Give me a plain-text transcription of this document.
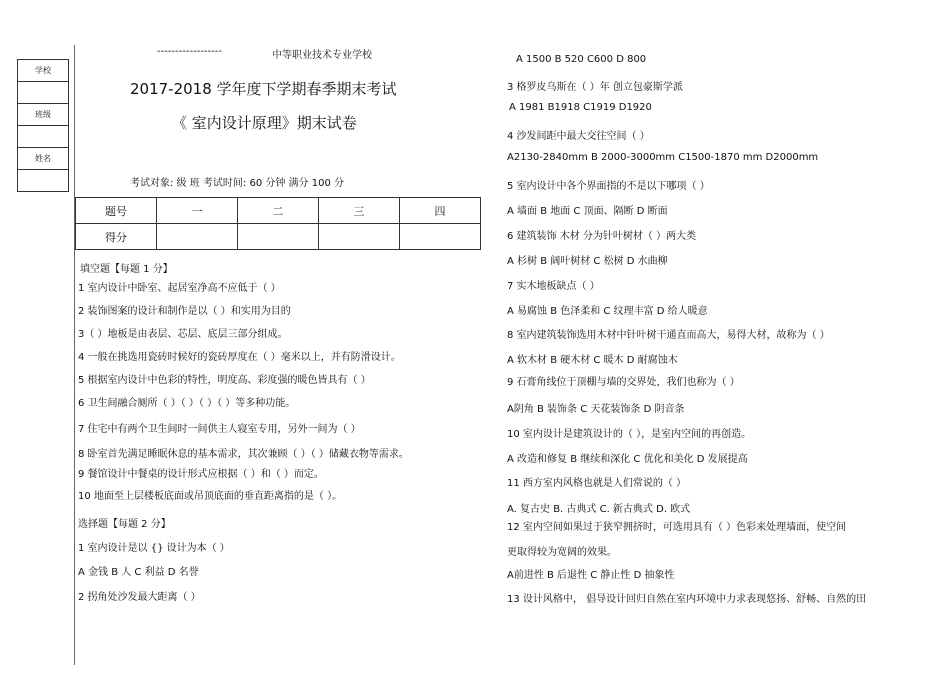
学校

班级

姓名

------------------	中等职业技术专业学校
2017-2018 学年度下学期春季期末考试
《 室内设计原理》期末试卷
考试对象: 级 班 考试时间: 60 分钟 满分 100 分
题号	一	二	三	四
得分				
填空题【每题 1 分】
1 室内设计中卧室、起居室净高不应低于（ ）
2 装饰图案的设计和制作是以（ ）和实用为目的
3（ ）地板是由表层、芯层、底层三部分组成。
4 一般在挑选用瓷砖时候好的瓷砖厚度在（ ）毫米以上，并有防滑设计。
5 根据室内设计中色彩的特性，明度高、彩度强的暖色皆具有（ ）
6 卫生间融合厕所（ ）（ ）（ ）（ ）等多种功能。
7 住宅中有两个卫生间时一间供主人寝室专用，另外一间为（ ）
8 卧室首先满足睡眠休息的基本需求，其次兼顾（ ）（ ）储藏衣物等需求。
9 餐馆设计中餐桌的设计形式应根据（ ）和（ ）而定。
10 地面至上层楼板底面或吊顶底面的垂直距离指的是（ ）。
选择题【每题 2 分】
1 室内设计是以 {} 设计为本（ ）
A 金钱 B 人 C 利益 D 名誉
2 拐角处沙发最大距离（ ）
A 1500 B 520 C600 D 800
3 格罗皮乌斯在（ ）年 创立包豪斯学派
A 1981 B1918 C1919 D1920
4 沙发间距中最大交往空间（ ）
A2130-2840mm B 2000-3000mm C1500-1870 mm D2000mm
5 室内设计中各个界面指的不是以下哪项（ ）
A 墙面 B 地面 C 顶面、隔断 D 断面
6 建筑装饰 木材 分为针叶树材（ ）两大类
A 杉树 B 阔叶树材 C 松树 D 水曲柳
7 实木地板缺点（ ）
A 易腐蚀 B 色泽柔和 C 纹理丰富 D 给人暖意
8 室内建筑装饰选用木材中针叶树干通直而高大，易得大材，故称为（ ）
A 软木材 B 硬木材 C 暖木 D 耐腐蚀木
9 石膏角线位于顶棚与墙的交界处，我们也称为（ ）
A阴角 B 装饰条 C 天花装饰条 D 阴音条
10 室内设计是建筑设计的（ ），是室内空间的再创造。
A 改造和修复 B 继续和深化 C 优化和美化 D 发展提高
11 西方室内风格也就是人们常说的（ ）
A. 复古史 B. 古典式 C. 新古典式 D. 欧式
12 室内空间如果过于狭窄拥挤时，可选用具有（ ）色彩来处理墙面，使空间
更取得较为宽阔的效果。
A前进性 B 后退性 C 静止性 D 抽象性
13 设计风格中， 倡导设计回归自然在室内环境中力求表现悠扬、舒畅、自然的田
